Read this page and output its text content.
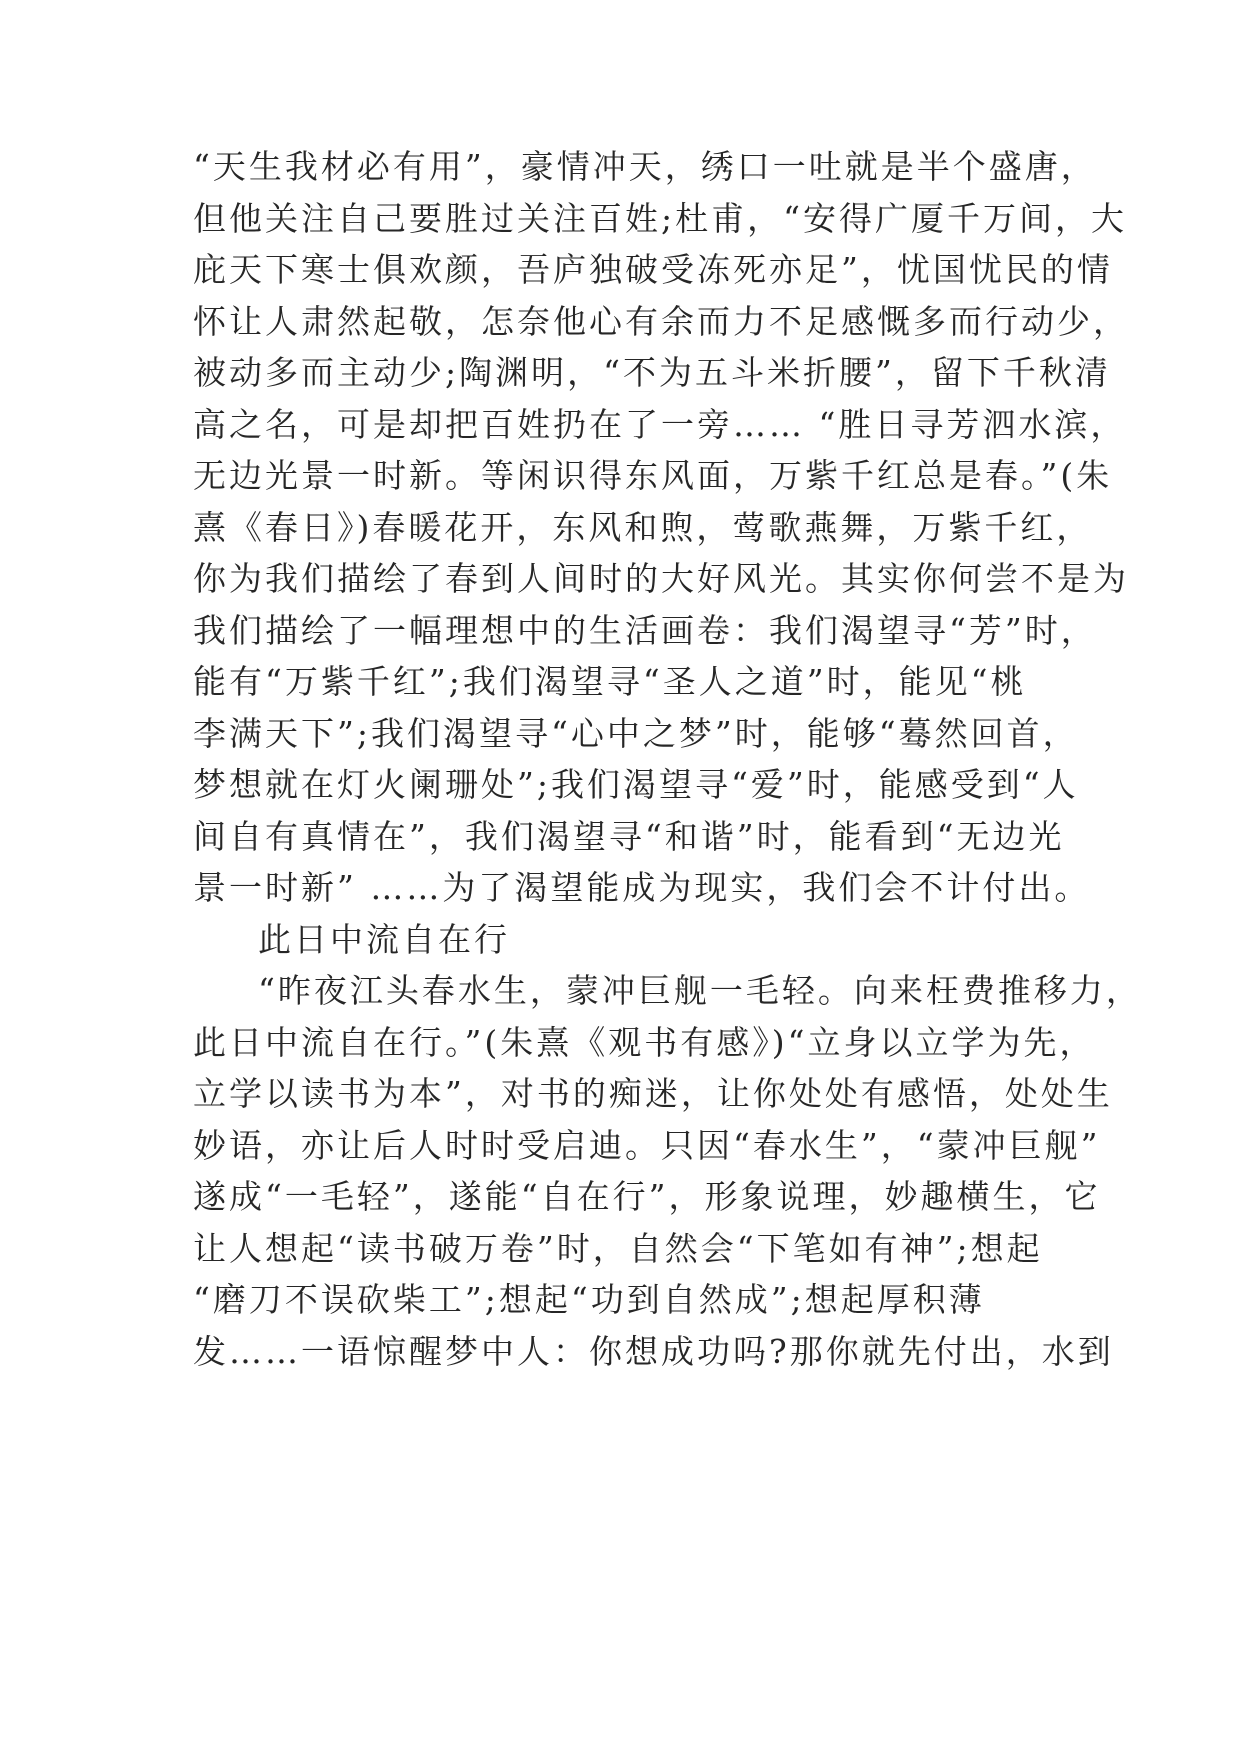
“天生我材必有用”，豪情冲天，绣口一吐就是半个盛唐，
但他关注自己要胜过关注百姓;杜甫，“安得广厦千万间，大
庇天下寒士俱欢颜，吾庐独破受冻死亦足”，忧国忧民的情
怀让人肃然起敬，怎奈他心有余而力不足感慨多而行动少，
被动多而主动少;陶渊明，“不为五斗米折腰”，留下千秋清
高之名，可是却把百姓扔在了一旁…… “胜日寻芳泗水滨，
无边光景一时新。等闲识得东风面，万紫千红总是春。”(朱
熹《春日》)春暖花开，东风和煦，莺歌燕舞，万紫千红，
你为我们描绘了春到人间时的大好风光。其实你何尝不是为
我们描绘了一幅理想中的生活画卷：我们渴望寻“芳”时，
能有“万紫千红”;我们渴望寻“圣人之道”时，能见“桃
李满天下”;我们渴望寻“心中之梦”时，能够“蓦然回首，
梦想就在灯火阑珊处”;我们渴望寻“爱”时，能感受到“人
间自有真情在”，我们渴望寻“和谐”时，能看到“无边光
景一时新” ……为了渴望能成为现实，我们会不计付出。
此日中流自在行
“昨夜江头春水生，蒙冲巨舰一毛轻。向来枉费推移力，
此日中流自在行。”(朱熹《观书有感》)“立身以立学为先，
立学以读书为本”，对书的痴迷，让你处处有感悟，处处生
妙语，亦让后人时时受启迪。只因“春水生”，“蒙冲巨舰”
遂成“一毛轻”，遂能“自在行”，形象说理，妙趣横生，它
让人想起“读书破万卷”时，自然会“下笔如有神”;想起
“磨刀不误砍柴工”;想起“功到自然成”;想起厚积薄
发……一语惊醒梦中人：你想成功吗?那你就先付出，水到
